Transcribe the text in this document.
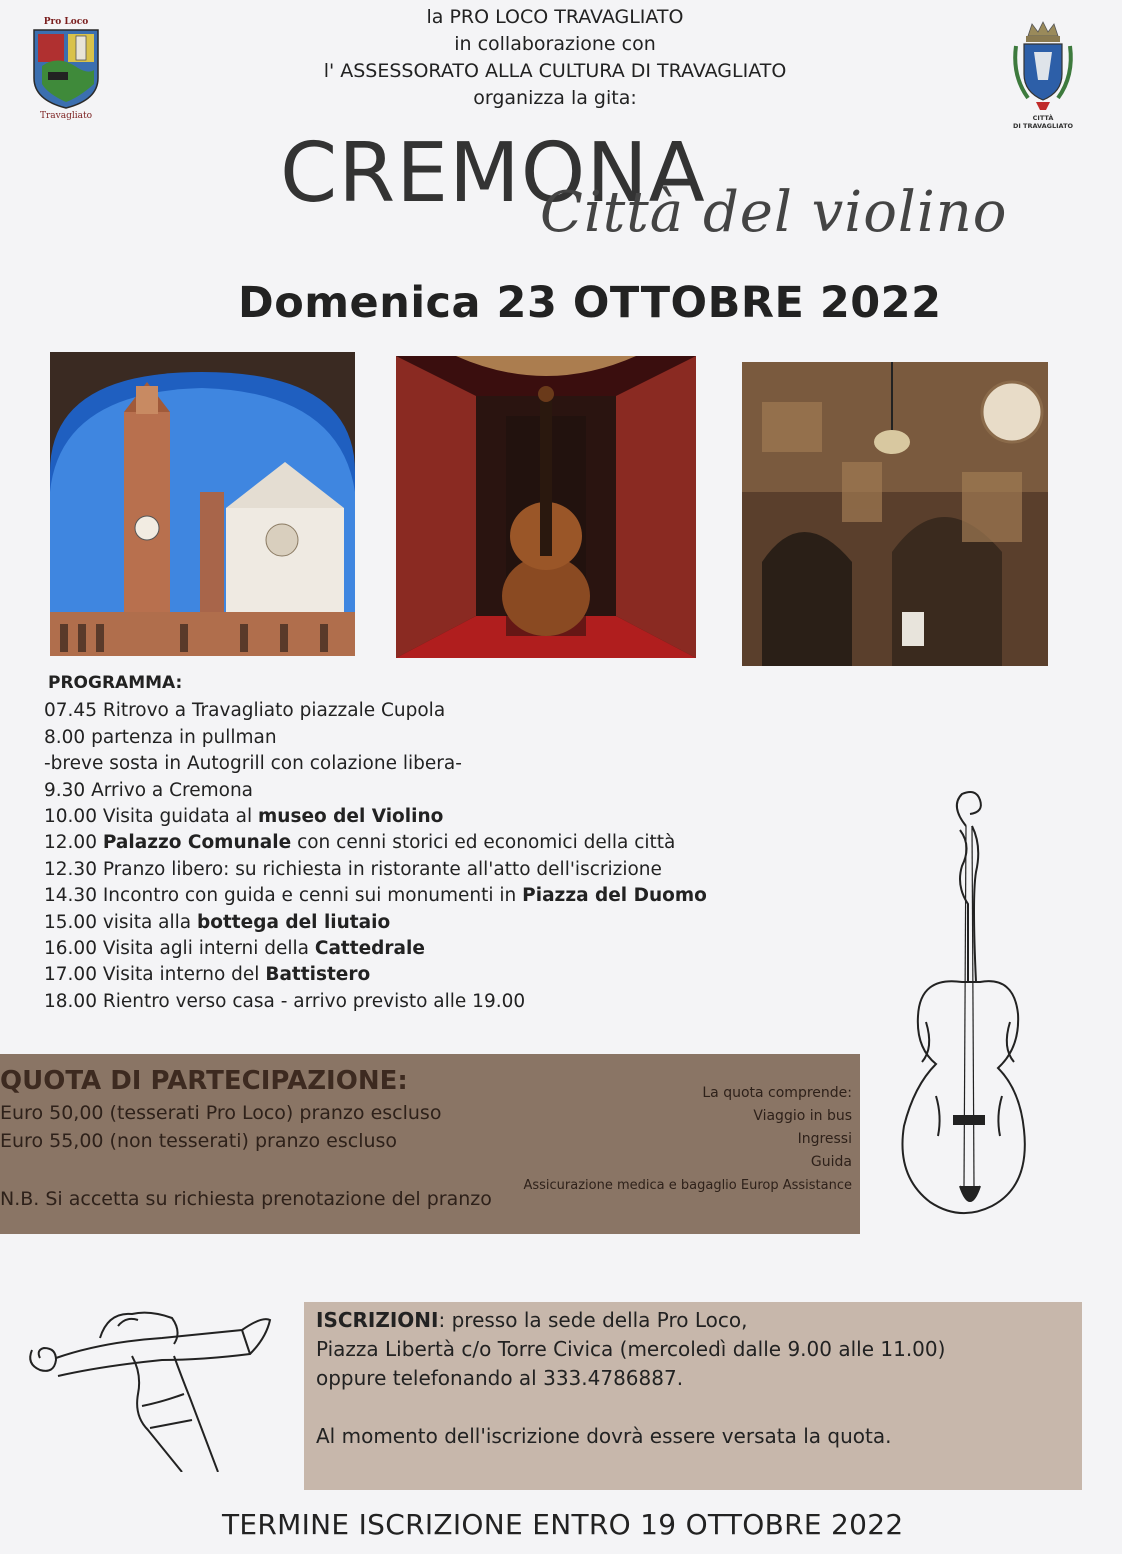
Pro Loco
Travagliato	CITTÀ
DI TRAVAGLIATO
la PRO LOCO TRAVAGLIATO
in collaborazione con
l' ASSESSORATO ALLA CULTURA DI TRAVAGLIATO
organizza la gita:
CREMONA
Città del violino
Domenica 23 OTTOBRE 2022
PROGRAMMA:
07.45 Ritrovo a Travagliato piazzale Cupola
8.00 partenza in pullman
-breve sosta in Autogrill con colazione libera-
9.30 Arrivo a Cremona
10.00 Visita guidata al museo del Violino
12.00 Palazzo Comunale con cenni storici ed economici della città
12.30 Pranzo libero: su richiesta in ristorante all'atto dell'iscrizione
14.30 Incontro con guida e cenni sui monumenti in Piazza del Duomo
15.00 visita alla bottega del liutaio
16.00 Visita agli interni della Cattedrale
17.00 Visita interno del Battistero
18.00 Rientro verso casa - arrivo previsto alle 19.00
QUOTA DI PARTECIPAZIONE:
Euro 50,00 (tesserati Pro Loco) pranzo escluso
Euro 55,00 (non tesserati) pranzo escluso
N.B. Si accetta su richiesta prenotazione del pranzo
La quota comprende:
Viaggio in bus
Ingressi
Guida
Assicurazione medica e bagaglio Europ Assistance
ISCRIZIONI: presso la sede della Pro Loco,
Piazza Libertà c/o Torre Civica (mercoledì dalle 9.00 alle 11.00)
oppure telefonando al 333.4786887.
Al momento dell'iscrizione dovrà essere versata la quota.
TERMINE ISCRIZIONE ENTRO 19 OTTOBRE 2022
